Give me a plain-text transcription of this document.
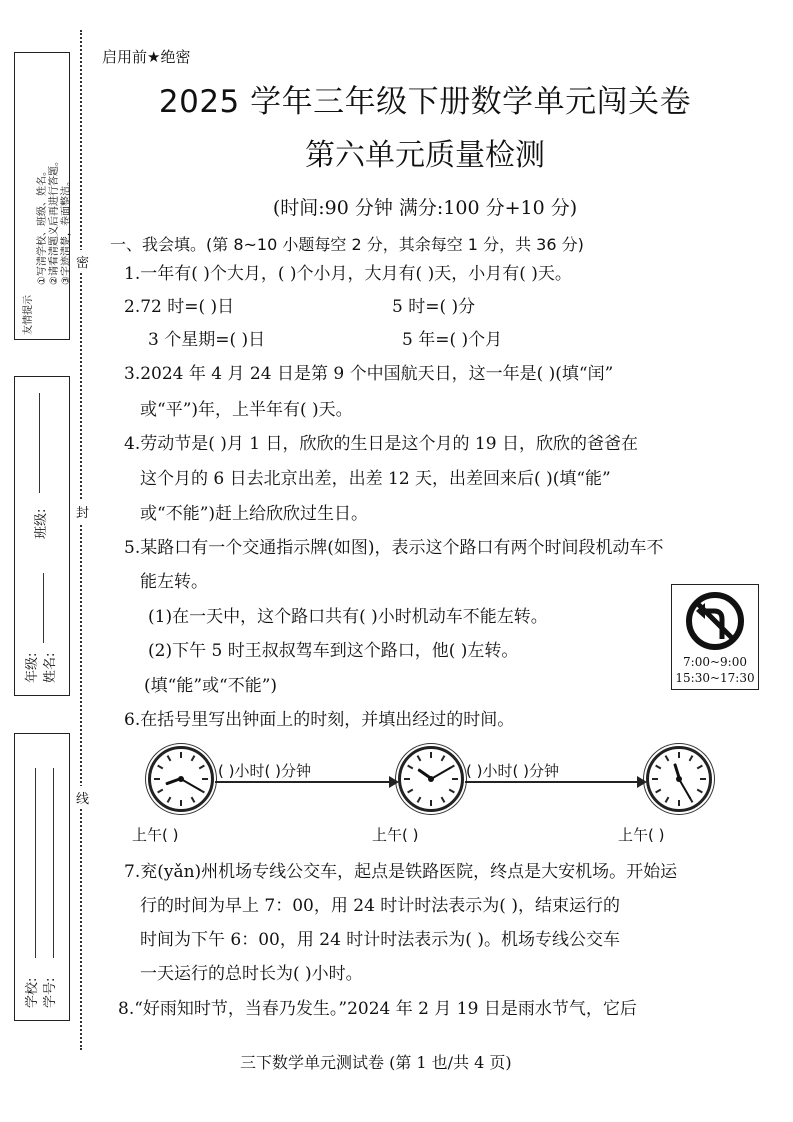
密
封
线
友情提示
①写清学校、班级、姓名。 ②请看清题义后再进行答题。 ③字迹清楚，卷面整洁。
班级:
年级: 姓名:
学校: 学号:
启用前★绝密
2025 学年三年级下册数学单元闯关卷
第六单元质量检测
(时间:90 分钟 满分:100 分+10 分)
一、我会填。(第 8~10 小题每空 2 分，其余每空 1 分，共 36 分)
1.一年有( )个大月，( )个小月，大月有( )天，小月有( )天。
2.72 时=( )日	5 时=( )分
3 个星期=( )日	5 年=( )个月
3.2024 年 4 月 24 日是第 9 个中国航天日，这一年是( )(填“闰”
或“平”)年，上半年有( )天。
4.劳动节是( )月 1 日，欣欣的生日是这个月的 19 日，欣欣的爸爸在
这个月的 6 日去北京出差，出差 12 天，出差回来后( )(填“能”
或“不能”)赶上给欣欣过生日。
5.某路口有一个交通指示牌(如图)，表示这个路口有两个时间段机动车不
能左转。
(1)在一天中，这个路口共有( )小时机动车不能左转。
(2)下午 5 时王叔叔驾车到这个路口，他( )左转。
(填“能”或“不能”)
7:00~9:00
15:30~17:30
6.在括号里写出钟面上的时刻，并填出经过的时间。
( )小时( )分钟	( )小时( )分钟
上午( )	上午( )	上午( )
7.兖(yǎn)州机场专线公交车，起点是铁路医院，终点是大安机场。开始运
行的时间为早上 7：00，用 24 时计时法表示为( )，结束运行的
时间为下午 6：00，用 24 时计时法表示为( )。机场专线公交车
一天运行的总时长为( )小时。
8.“好雨知时节，当春乃发生。”2024 年 2 月 19 日是雨水节气，它后
三下数学单元测试卷 (第 1 也/共 4 页)
